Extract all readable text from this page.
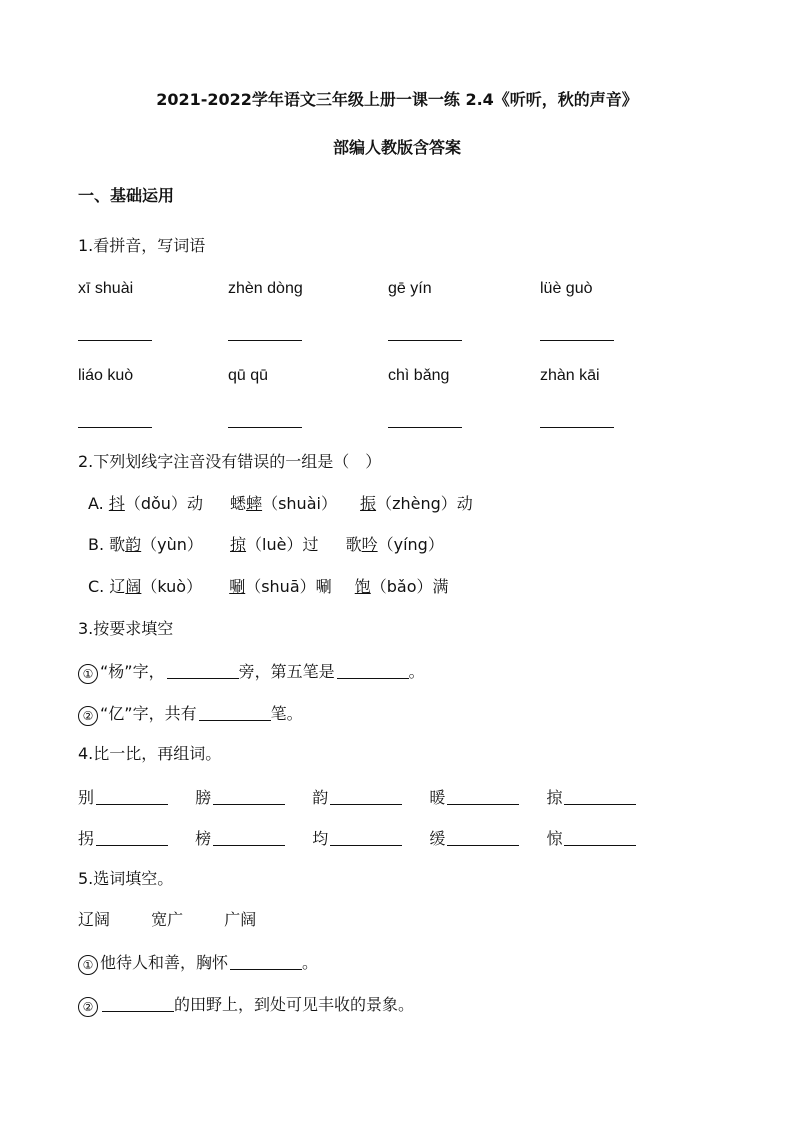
2021-2022学年语文三年级上册一课一练 2.4《听听，秋的声音》
部编人教版含答案
一、基础运用
1.看拼音，写词语
xī shuài	zhèn dòng	gē yín	lüè guò
liáo kuò	qū qū	chì bǎng	zhàn kāi
2.下列划线字注音没有错误的一组是（　）
A. 抖（dǒu）动 蟋蟀（shuài） 振（zhèng）动
B. 歌韵（yùn） 掠（luè）过 歌吟（yíng）
C. 辽阔（kuò） 唰（shuā）唰 饱（bǎo）满
3.按要求填空
① “杨”字，	旁，第五笔是	。
② “亿”字，共有	笔。
4.比一比，再组词。
别	膀	韵	暖	掠
拐	榜	均	缓	惊
5.选词填空。
辽阔	宽广	广阔
① 他待人和善，胸怀	。
②	的田野上，到处可见丰收的景象。
